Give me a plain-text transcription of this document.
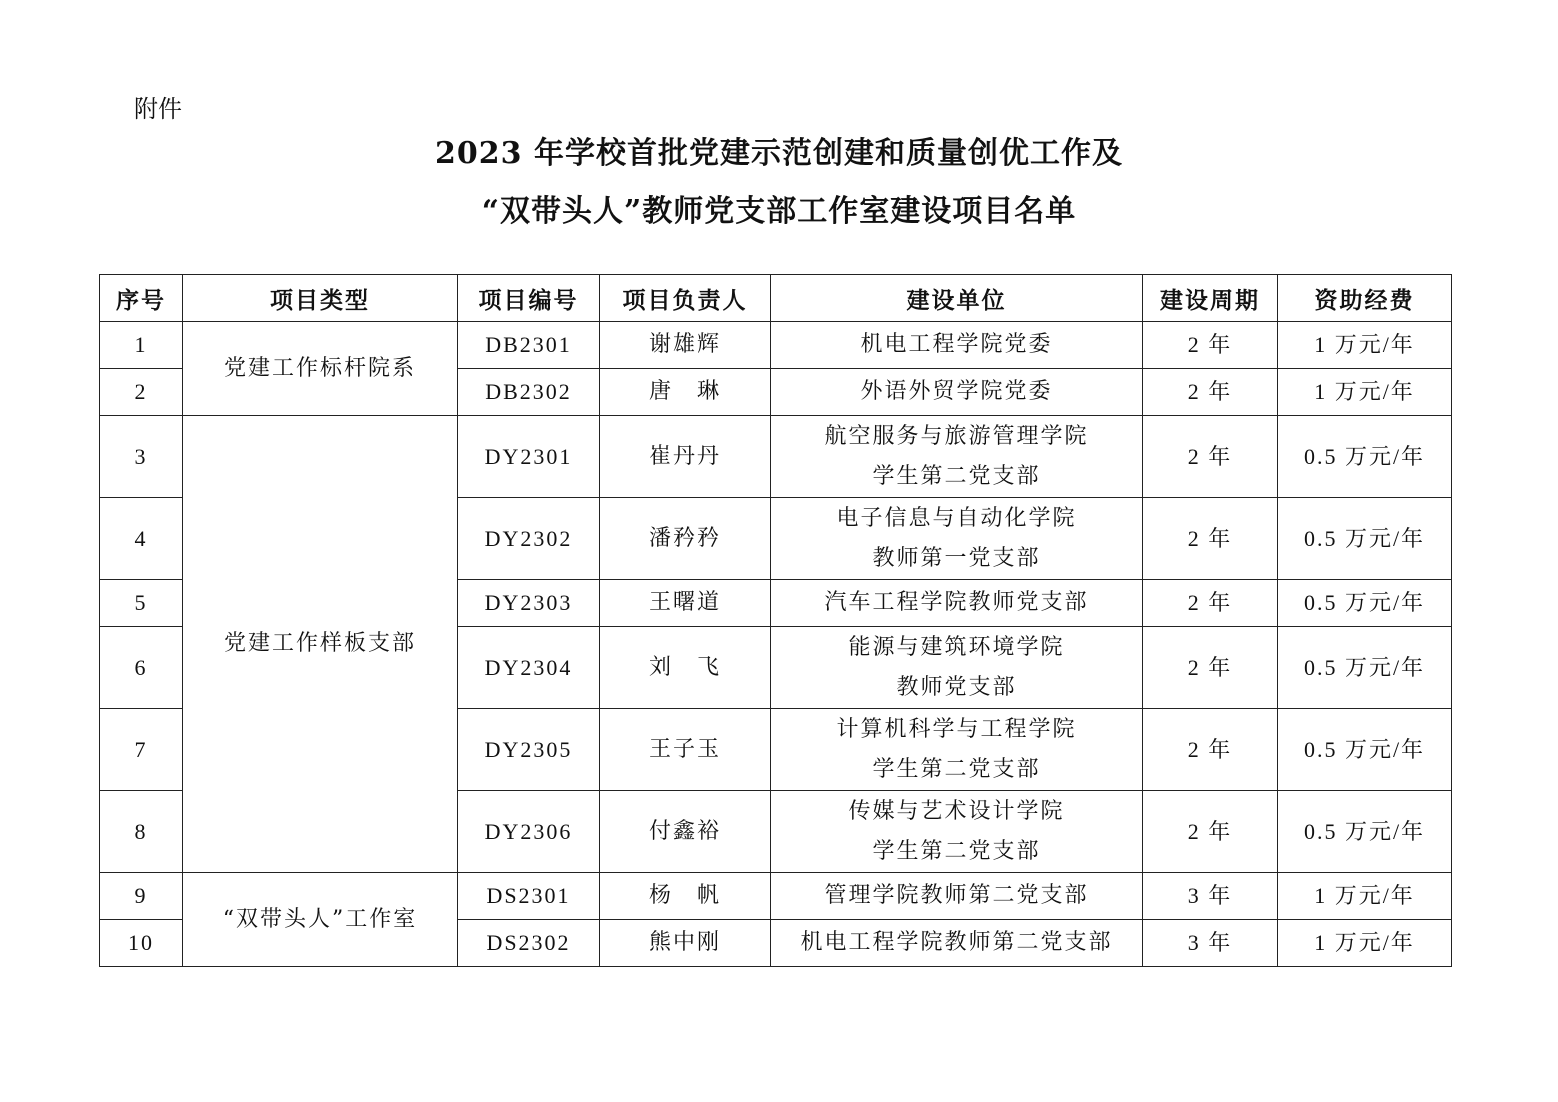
附件
2023 年学校首批党建示范创建和质量创优工作及
“双带头人”教师党支部工作室建设项目名单
序号	项目类型	项目编号	项目负责人	建设单位	建设周期	资助经费
1	党建工作标杆院系	DB2301	谢雄辉	机电工程学院党委	2 年	1 万元/年
2		DB2302	唐　琳	外语外贸学院党委	2 年	1 万元/年
3	党建工作样板支部	DY2301	崔丹丹	航空服务与旅游管理学院
学生第二党支部	2 年	0.5 万元/年
4		DY2302	潘矜矜	电子信息与自动化学院
教师第一党支部	2 年	0.5 万元/年
5		DY2303	王曙道	汽车工程学院教师党支部	2 年	0.5 万元/年
6		DY2304	刘　飞	能源与建筑环境学院
教师党支部	2 年	0.5 万元/年
7		DY2305	王子玉	计算机科学与工程学院
学生第二党支部	2 年	0.5 万元/年
8		DY2306	付鑫裕	传媒与艺术设计学院
学生第二党支部	2 年	0.5 万元/年
9	“双带头人”工作室	DS2301	杨　帆	管理学院教师第二党支部	3 年	1 万元/年
10		DS2302	熊中刚	机电工程学院教师第二党支部	3 年	1 万元/年
